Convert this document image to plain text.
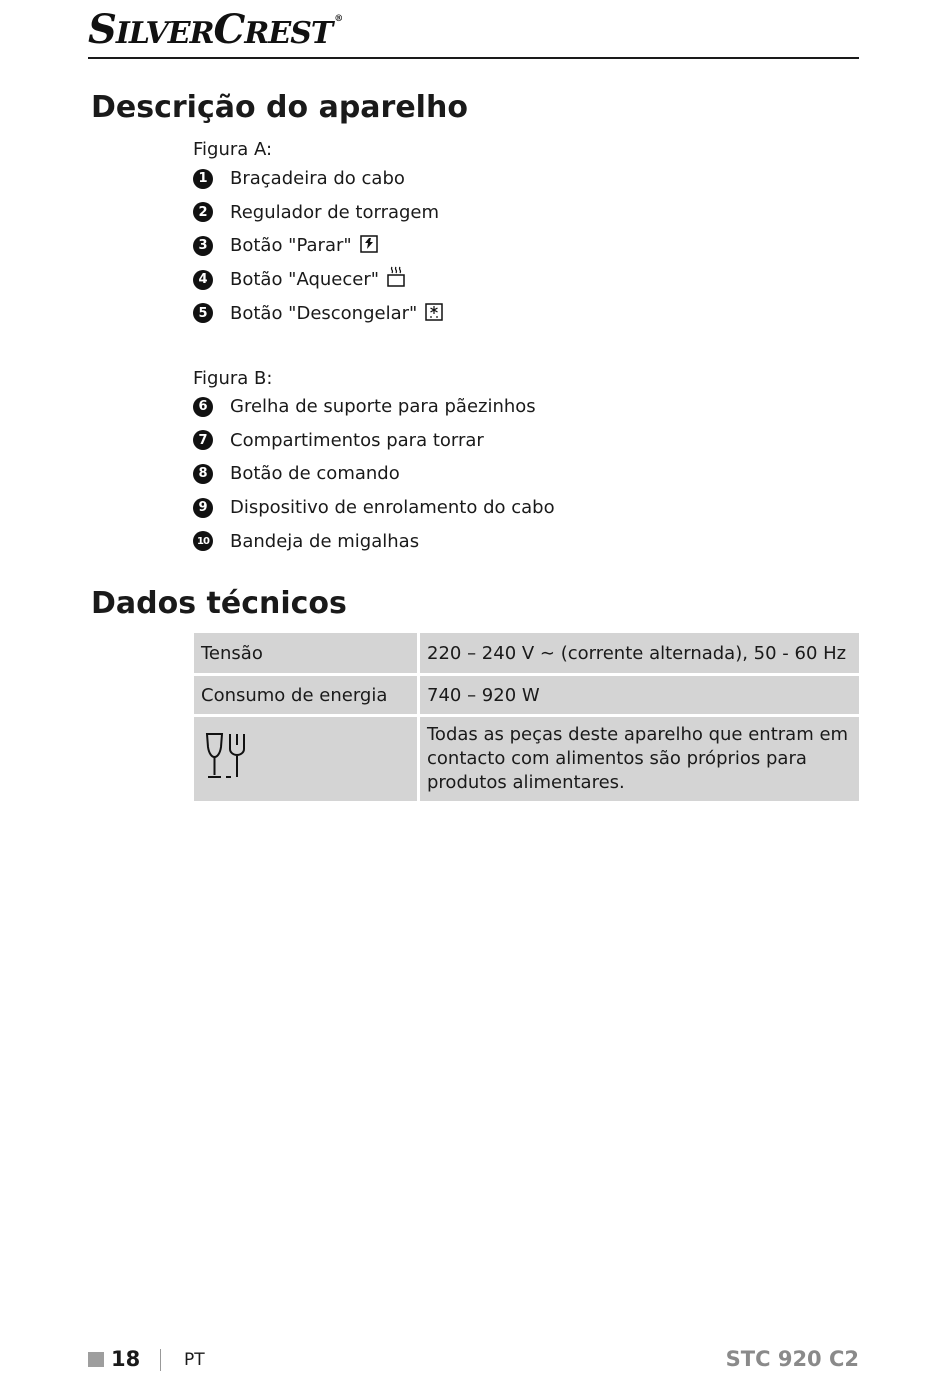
SILVERCREST ®
Descrição do aparelho

Figura A:

1	Braçadeira do cabo
2	Regulador de torragem
3	Botão "Parar"
4	Botão "Aquecer"
5	Botão "Descongelar"

Figura B:

6	Grelha de suporte para pãezinhos
7	Compartimentos para torrar
8	Botão de comando
9	Dispositivo de enrolamento do cabo
10 Bandeja de migalhas
Dados técnicos
Tensão	220 – 240 V ∼ (corrente alternada), 50 - 60 Hz
Consumo de energia	740 – 920 W
	Todas as peças deste aparelho que entram em contacto com alimentos são próprios para produtos alimentares.
18	PT	STC 920 C2
